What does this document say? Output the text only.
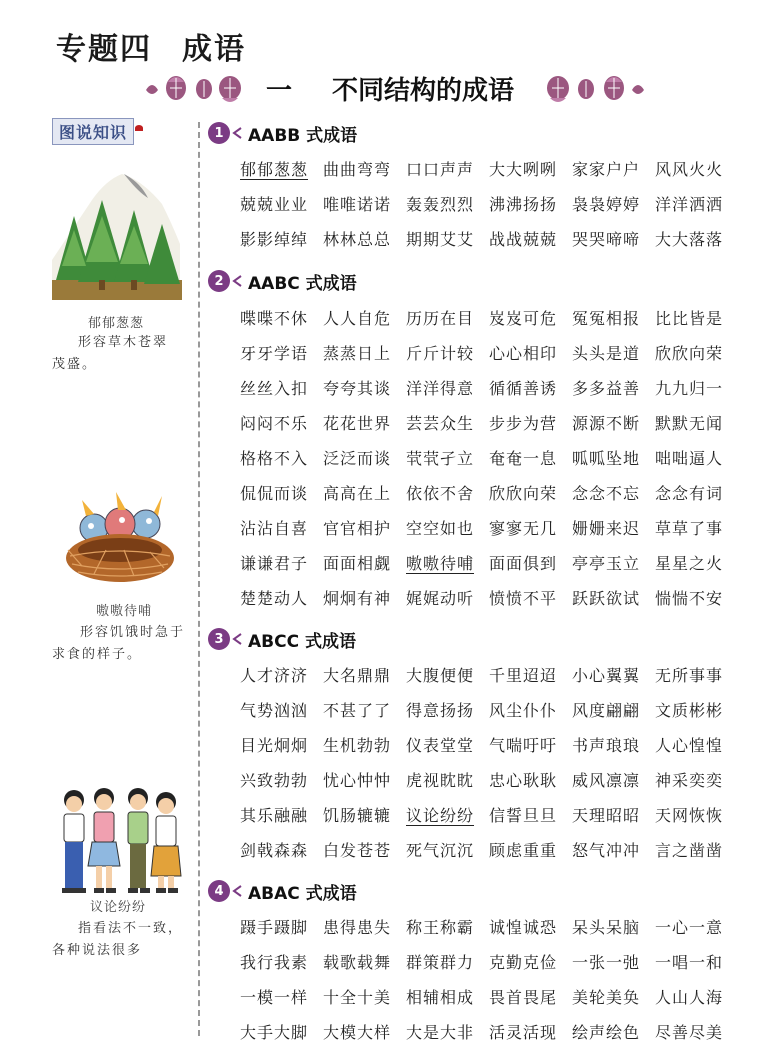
专题四 成语
一 不同结构的成语
图说知识
郁郁葱葱
形容草木苍翠
茂盛。
嗷嗷待哺
形容饥饿时急于
求食的样子。
议论纷纷
指看法不一致，
各种说法很多
1	AABB 式成语
郁郁葱葱 曲曲弯弯 口口声声 大大咧咧 家家户户 风风火火
兢兢业业 唯唯诺诺 轰轰烈烈 沸沸扬扬 袅袅婷婷 洋洋洒洒
影影绰绰 林林总总 期期艾艾 战战兢兢 哭哭啼啼 大大落落
2	AABC 式成语
喋喋不休 人人自危 历历在目 岌岌可危 冤冤相报 比比皆是
牙牙学语 蒸蒸日上 斤斤计较 心心相印 头头是道 欣欣向荣
丝丝入扣 夸夸其谈 洋洋得意 循循善诱 多多益善 九九归一
闷闷不乐 花花世界 芸芸众生 步步为营 源源不断 默默无闻
格格不入 泛泛而谈 茕茕孑立 奄奄一息 呱呱坠地 咄咄逼人
侃侃而谈 高高在上 依依不舍 欣欣向荣 念念不忘 念念有词
沾沾自喜 官官相护 空空如也 寥寥无几 姗姗来迟 草草了事
谦谦君子 面面相觑 嗷嗷待哺 面面俱到 亭亭玉立 星星之火
楚楚动人 炯炯有神 娓娓动听 愤愤不平 跃跃欲试 惴惴不安
3	ABCC 式成语
人才济济 大名鼎鼎 大腹便便 千里迢迢 小心翼翼 无所事事
气势汹汹 不甚了了 得意扬扬 风尘仆仆 风度翩翩 文质彬彬
目光炯炯 生机勃勃 仪表堂堂 气喘吁吁 书声琅琅 人心惶惶
兴致勃勃 忧心忡忡 虎视眈眈 忠心耿耿 威风凛凛 神采奕奕
其乐融融 饥肠辘辘 议论纷纷 信誓旦旦 天理昭昭 天网恢恢
剑戟森森 白发苍苍 死气沉沉 顾虑重重 怒气冲冲 言之凿凿
4	ABAC 式成语
蹑手蹑脚 患得患失 称王称霸 诚惶诚恐 呆头呆脑 一心一意
我行我素 载歌载舞 群策群力 克勤克俭 一张一弛 一唱一和
一模一样 十全十美 相辅相成 畏首畏尾 美轮美奂 人山人海
大手大脚 大模大样 大是大非 活灵活现 绘声绘色 尽善尽美
